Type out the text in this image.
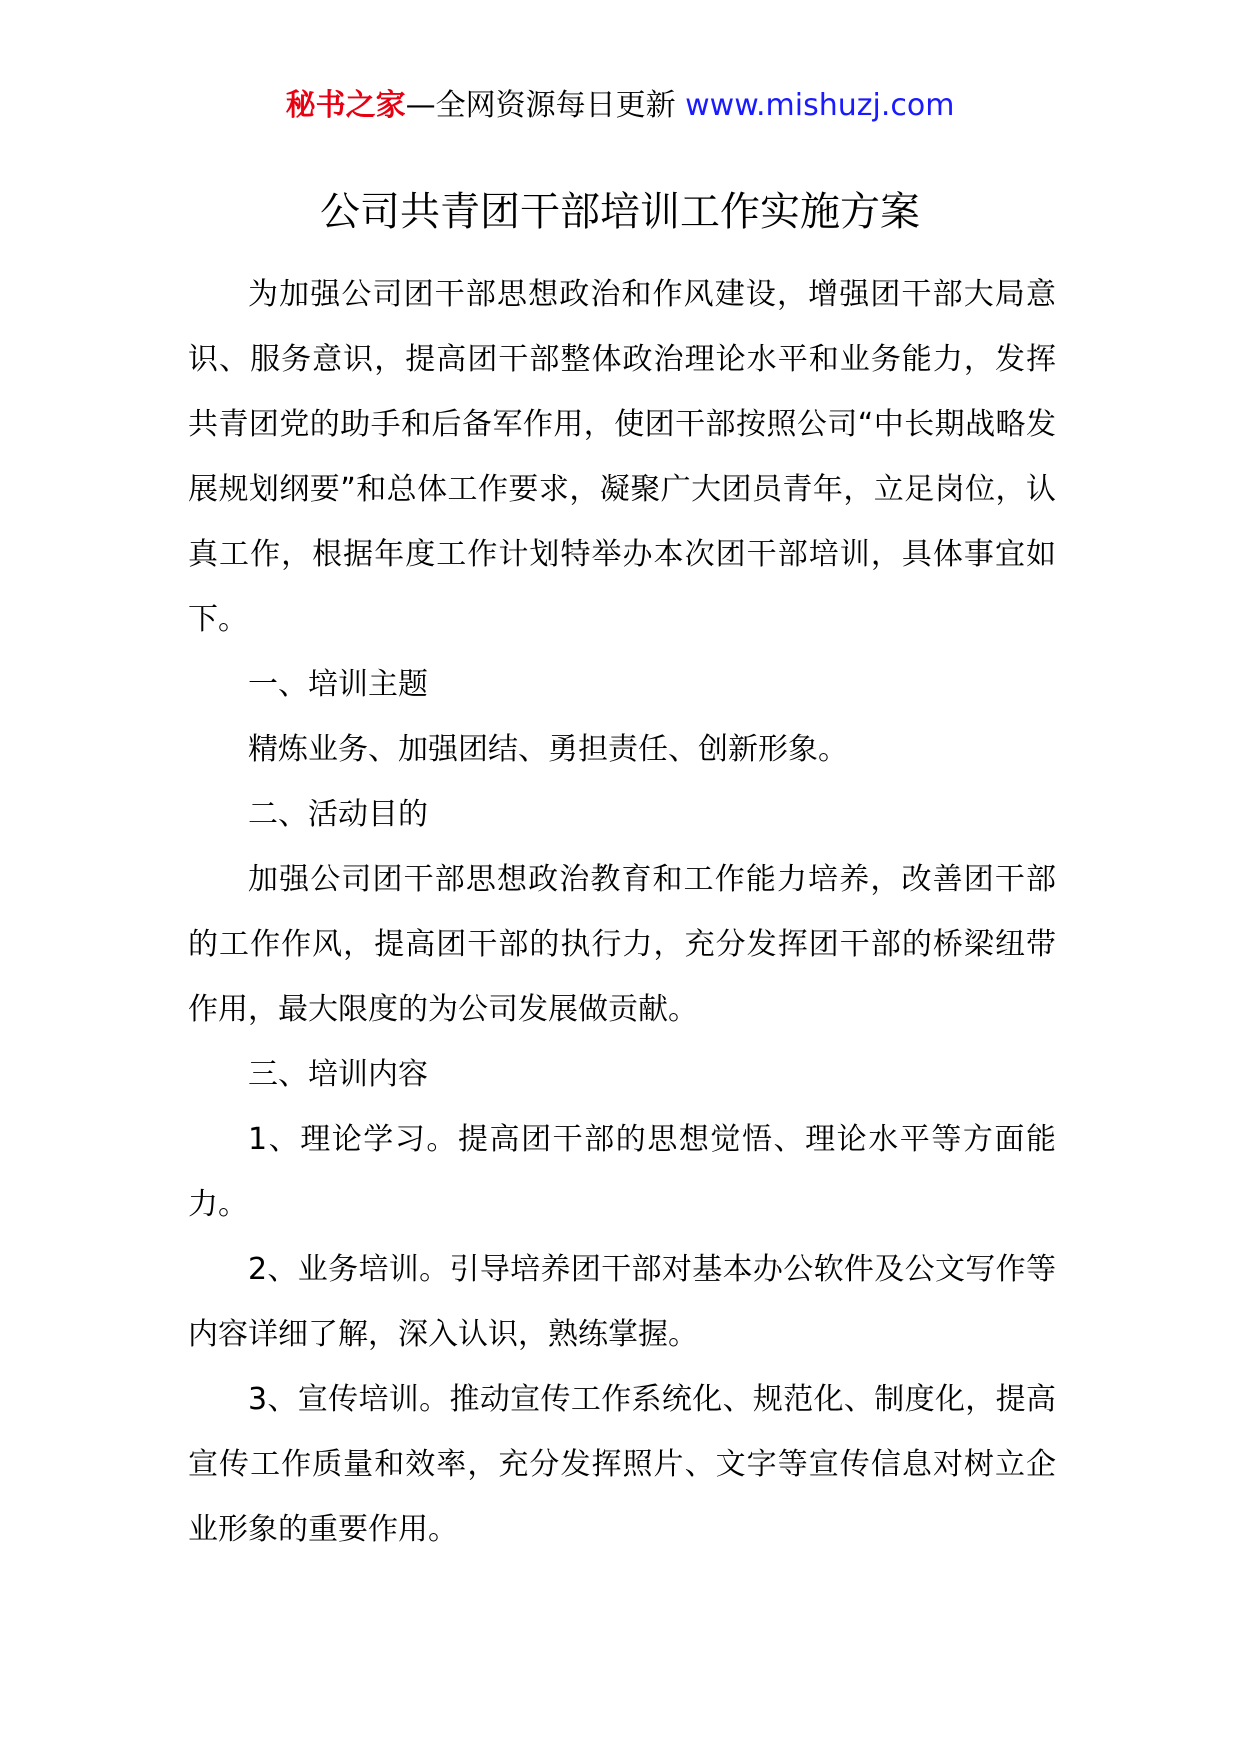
秘书之家—全网资源每日更新 www.mishuzj.com
公司共青团干部培训工作实施方案

为加强公司团干部思想政治和作风建设，增强团干部大局意识、服务意识，提高团干部整体政治理论水平和业务能力，发挥共青团党的助手和后备军作用，使团干部按照公司“中长期战略发展规划纲要”和总体工作要求，凝聚广大团员青年，立足岗位，认真工作，根据年度工作计划特举办本次团干部培训，具体事宜如下。

一、培训主题

精炼业务、加强团结、勇担责任、创新形象。

二、活动目的

加强公司团干部思想政治教育和工作能力培养，改善团干部的工作作风，提高团干部的执行力，充分发挥团干部的桥梁纽带作用，最大限度的为公司发展做贡献。

三、培训内容

1、理论学习。提高团干部的思想觉悟、理论水平等方面能力。

2、业务培训。引导培养团干部对基本办公软件及公文写作等内容详细了解，深入认识，熟练掌握。

3、宣传培训。推动宣传工作系统化、规范化、制度化，提高宣传工作质量和效率，充分发挥照片、文字等宣传信息对树立企业形象的重要作用。
